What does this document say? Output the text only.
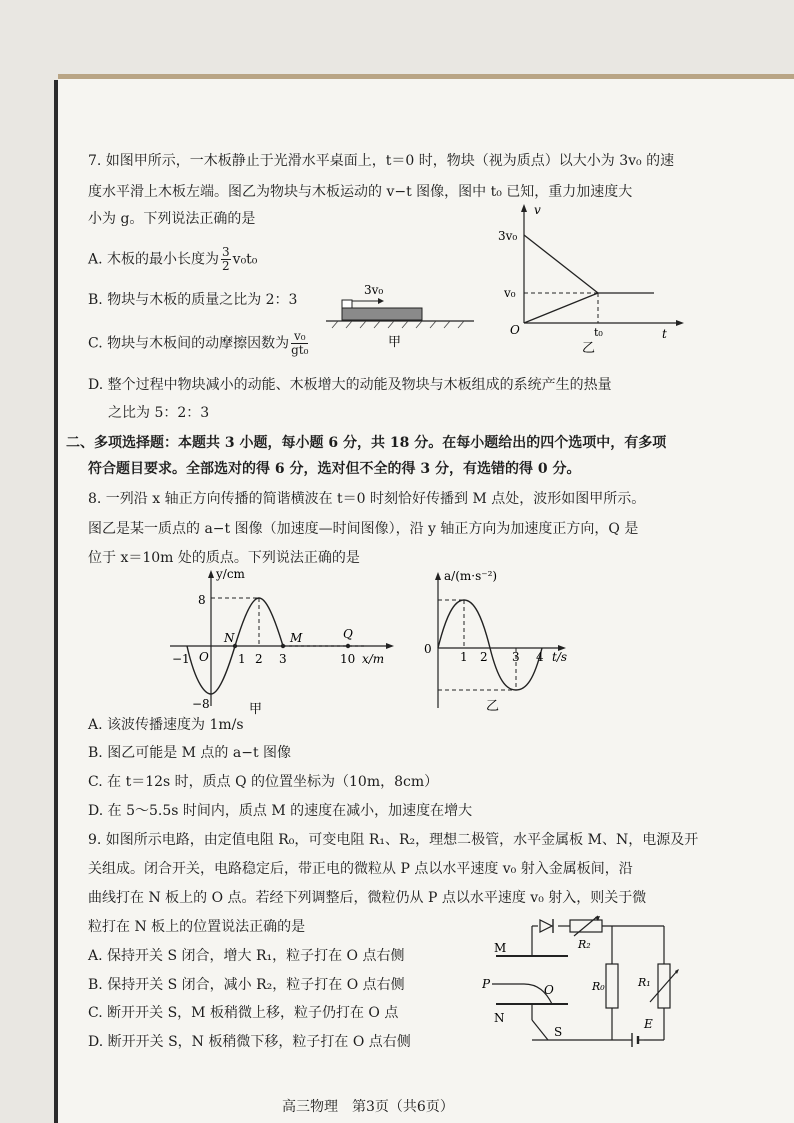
7. 如图甲所示，一木板静止于光滑水平桌面上，t＝0 时，物块（视为质点）以大小为 3v₀ 的速
度水平滑上木板左端。图乙为物块与木板运动的 v−t 图像，图中 t₀ 已知，重力加速度大
小为 g。下列说法正确的是
A. 木板的最小长度为 $\frac{3}{2} v_0t_0$
B. 物块与木板的质量之比为 2：3
C. 物块与木板间的动摩擦因数为 $\frac{\text{v₀}}{\text{gt₀}}$
D. 整个过程中物块减小的动能、木板增大的动能及物块与木板组成的系统产生的热量
之比为 5：2：3
3v₀
甲
v
3v₀
v₀
O	t₀	t
乙
二、多项选择题：本题共 3 小题，每小题 6 分，共 18 分。在每小题给出的四个选项中，有多项
符合题目要求。全部选对的得 6 分，选对但不全的得 3 分，有选错的得 0 分。
8. 一列沿 x 轴正方向传播的简谐横波在 t＝0 时刻恰好传播到 M 点处，波形如图甲所示。
图乙是某一质点的 a−t 图像（加速度—时间图像），沿 y 轴正方向为加速度正方向，Q 是
位于 x＝10m 处的质点。下列说法正确的是
y/cm
8
−8
−1 O
N
1 2 3
M	Q
10 x/m
甲
a/(m·s⁻²)
0
1 2 3 4 t/s
乙
A. 该波传播速度为 1m/s
B. 图乙可能是 M 点的 a−t 图像
C. 在 t＝12s 时，质点 Q 的位置坐标为（10m，8cm）
D. 在 5～5.5s 时间内，质点 M 的速度在减小，加速度在增大
9. 如图所示电路，由定值电阻 R₀，可变电阻 R₁、R₂，理想二极管，水平金属板 M、N，电源及开
关组成。闭合开关，电路稳定后，带正电的微粒从 P 点以水平速度 v₀ 射入金属板间，沿
曲线打在 N 板上的 O 点。若经下列调整后，微粒仍从 P 点以水平速度 v₀ 射入，则关于微
粒打在 N 板上的位置说法正确的是
A. 保持开关 S 闭合，增大 R₁，粒子打在 O 点右侧
B. 保持开关 S 闭合，减小 R₂，粒子打在 O 点右侧
C. 断开开关 S，M 板稍微上移，粒子仍打在 O 点
D. 断开开关 S，N 板稍微下移，粒子打在 O 点右侧
M
P	O
N
S
R₂
R₀	R₁
E
高三物理　第3页（共6页）
